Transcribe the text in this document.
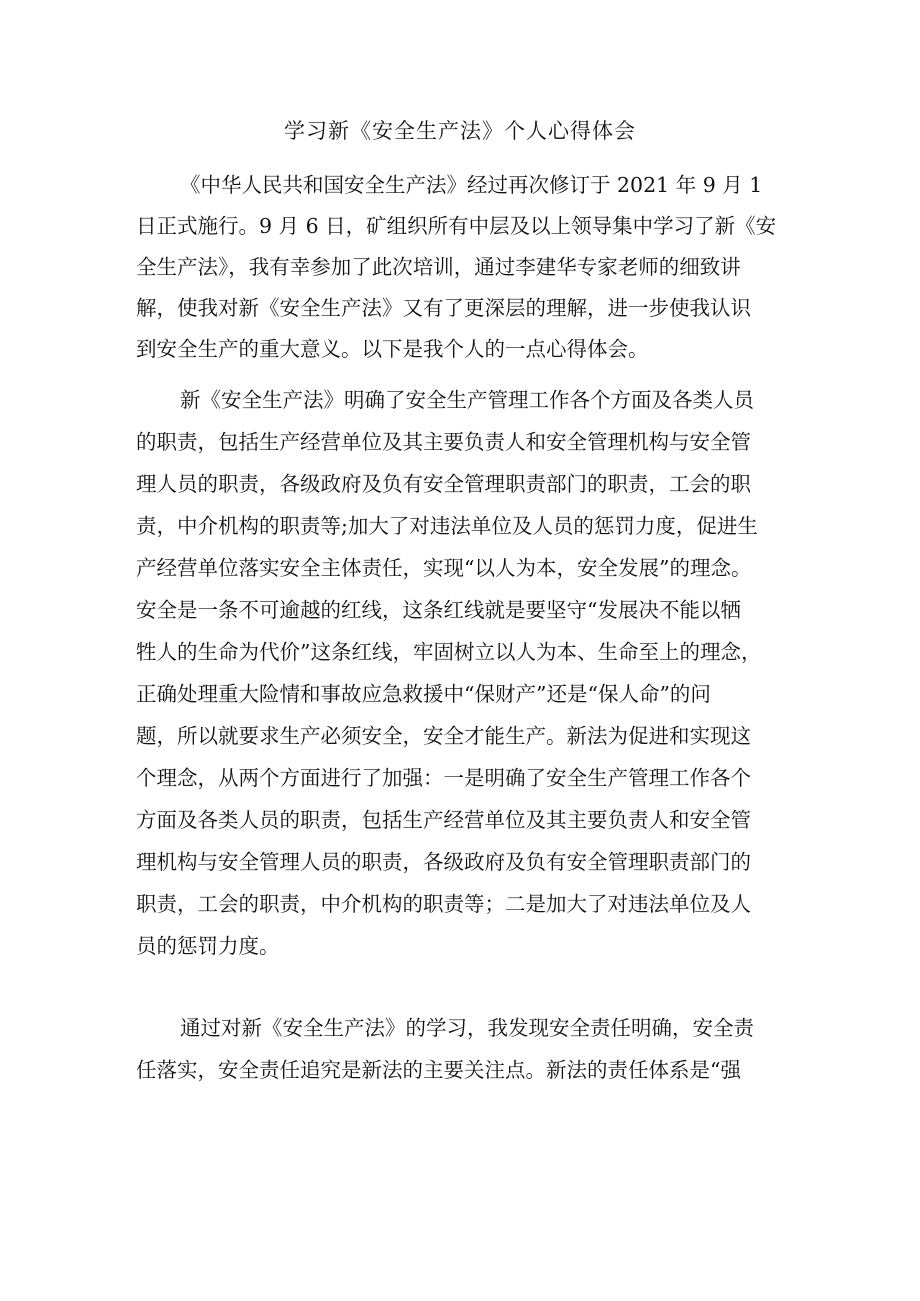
学习新《安全生产法》个人心得体会
《中华人民共和国安全生产法》经过再次修订于 2021 年 9 月 1
日正式施行。9 月 6 日，矿组织所有中层及以上领导集中学习了新《安
全生产法》，我有幸参加了此次培训，通过李建华专家老师的细致讲
解，使我对新《安全生产法》又有了更深层的理解，进一步使我认识
到安全生产的重大意义。以下是我个人的一点心得体会。
新《安全生产法》明确了安全生产管理工作各个方面及各类人员
的职责，包括生产经营单位及其主要负责人和安全管理机构与安全管
理人员的职责，各级政府及负有安全管理职责部门的职责，工会的职
责，中介机构的职责等;加大了对违法单位及人员的惩罚力度，促进生
产经营单位落实安全主体责任，实现“以人为本，安全发展”的理念。
安全是一条不可逾越的红线，这条红线就是要坚守“发展决不能以牺
牲人的生命为代价”这条红线，牢固树立以人为本、生命至上的理念，
正确处理重大险情和事故应急救援中“保财产”还是“保人命”的问
题，所以就要求生产必须安全，安全才能生产。新法为促进和实现这
个理念，从两个方面进行了加强：一是明确了安全生产管理工作各个
方面及各类人员的职责，包括生产经营单位及其主要负责人和安全管
理机构与安全管理人员的职责，各级政府及负有安全管理职责部门的
职责，工会的职责，中介机构的职责等；二是加大了对违法单位及人
员的惩罚力度。
通过对新《安全生产法》的学习，我发现安全责任明确，安全责
任落实，安全责任追究是新法的主要关注点。新法的责任体系是“强
